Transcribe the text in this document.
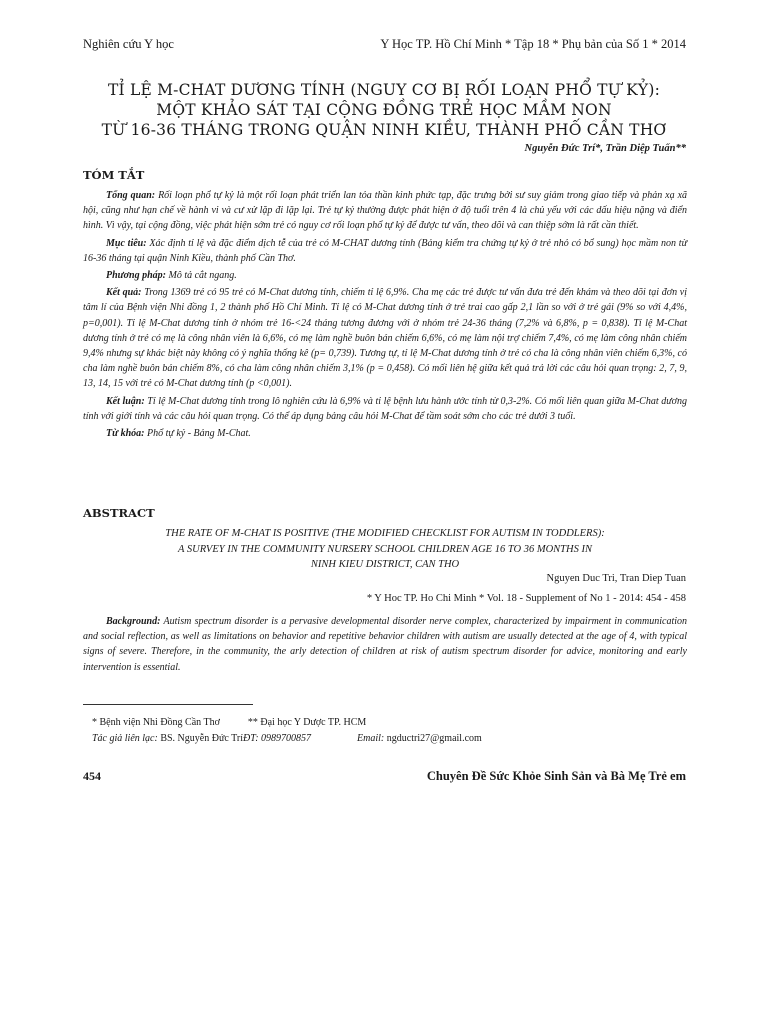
Nghiên cứu Y học	Y Học TP. Hồ Chí Minh * Tập 18 * Phụ bản của Số 1 * 2014
TỈ LỆ M-CHAT DƯƠNG TÍNH (NGUY CƠ BỊ RỐI LOẠN PHỔ TỰ KỶ):
MỘT KHẢO SÁT TẠI CỘNG ĐỒNG TRẺ HỌC MẦM NON
TỪ 16-36 THÁNG TRONG QUẬN NINH KIỀU, THÀNH PHỐ CẦN THƠ
Nguyễn Đức Trí*, Trần Diệp Tuấn**
TÓM TẮT

Tổng quan: Rối loạn phổ tự kỷ là một rối loạn phát triển lan tỏa thần kinh phức tạp, đặc trưng bởi sư suy giảm trong giao tiếp và phản xạ xã hội, cũng như hạn chế về hành vi và cư xử lặp đi lặp lại. Trẻ tự kỷ thường được phát hiện ở độ tuổi trên 4 là chủ yếu với các dấu hiệu nặng và điển hình. Vì vậy, tại cộng đồng, việc phát hiện sớm trẻ có nguy cơ rối loạn phổ tự kỷ để được tư vấn, theo dõi và can thiệp sớm là rất cần thiết.

Mục tiêu: Xác định tỉ lệ và đặc điểm dịch tễ của trẻ có M-CHAT dương tính (Bảng kiểm tra chứng tự kỷ ở trẻ nhỏ có bổ sung) học mầm non từ 16-36 tháng tại quận Ninh Kiều, thành phố Cần Thơ.

Phương pháp: Mô tả cắt ngang.

Kết quả: Trong 1369 trẻ có 95 trẻ có M-Chat dương tính, chiếm tỉ lệ 6,9%. Cha mẹ các trẻ được tư vấn đưa trẻ đến khám và theo dõi tại đơn vị tâm lí của Bệnh viện Nhi đồng 1, 2 thành phố Hồ Chí Minh. Tỉ lệ có M-Chat dương tính ở trẻ trai cao gấp 2,1 lần so với ở trẻ gái (9% so với 4,4%, p=0,001). Tỉ lệ M-Chat dương tính ở nhóm trẻ 16-<24 tháng tương đương với ở nhóm trẻ 24-36 tháng (7,2% và 6,8%, p = 0,838). Tỉ lệ M-Chat dương tính ở trẻ có mẹ là công nhân viên là 6,6%, có mẹ làm nghề buôn bán chiếm 6,6%, có mẹ làm nội trợ chiếm 7,4%, có mẹ làm công nhân chiếm 9,4% nhưng sự khác biệt này không có ý nghĩa thống kê (p= 0,739). Tương tự, tỉ lệ M-Chat dương tính ở trẻ có cha là công nhân viên chiếm 6,3%, có cha làm nghề buôn bán chiếm 8%, có cha làm công nhân chiếm 3,1% (p = 0,458). Có mối liên hệ giữa kết quả trả lời các câu hỏi quan trọng: 2, 7, 9, 13, 14, 15 với trẻ có M-Chat dương tính (p <0,001).

Kết luận: Tỉ lệ M-Chat dương tính trong lô nghiên cứu là 6,9% và tỉ lệ bệnh lưu hành ước tính từ 0,3-2%. Có mối liên quan giữa M-Chat dương tính với giới tính và các câu hỏi quan trọng. Có thể áp dụng bảng câu hỏi M-Chat để tầm soát sớm cho các trẻ dưới 3 tuổi.

Từ khóa: Phổ tự kỷ - Bảng M-Chat.

ABSTRACT
THE RATE OF M-CHAT IS POSITIVE (THE MODIFIED CHECKLIST FOR AUTISM IN TODDLERS):
A SURVEY IN THE COMMUNITY NURSERY SCHOOL CHILDREN AGE 16 TO 36 MONTHS IN
NINH KIEU DISTRICT, CAN THO
Nguyen Duc Tri, Tran Diep Tuan
* Y Hoc TP. Ho Chi Minh * Vol. 18 - Supplement of No 1 - 2014: 454 - 458

Background: Autism spectrum disorder is a pervasive developmental disorder nerve complex, characterized by impairment in communication and social reflection, as well as limitations on behavior and repetitive behavior children with autism are usually detected at the age of 4, with typical signs of severe. Therefore, in the community, the arly detection of children at risk of autism spectrum disorder for advice, monitoring and early intervention is essential.

* Bệnh viện Nhi Đồng Cần Thơ	** Đại học Y Dược TP. HCM
Tác giả liên lạc: BS. Nguyễn Đức TríĐT: 0989700857	Email: ngductri27@gmail.com
454	Chuyên Đề Sức Khỏe Sinh Sản và Bà Mẹ Trẻ em
